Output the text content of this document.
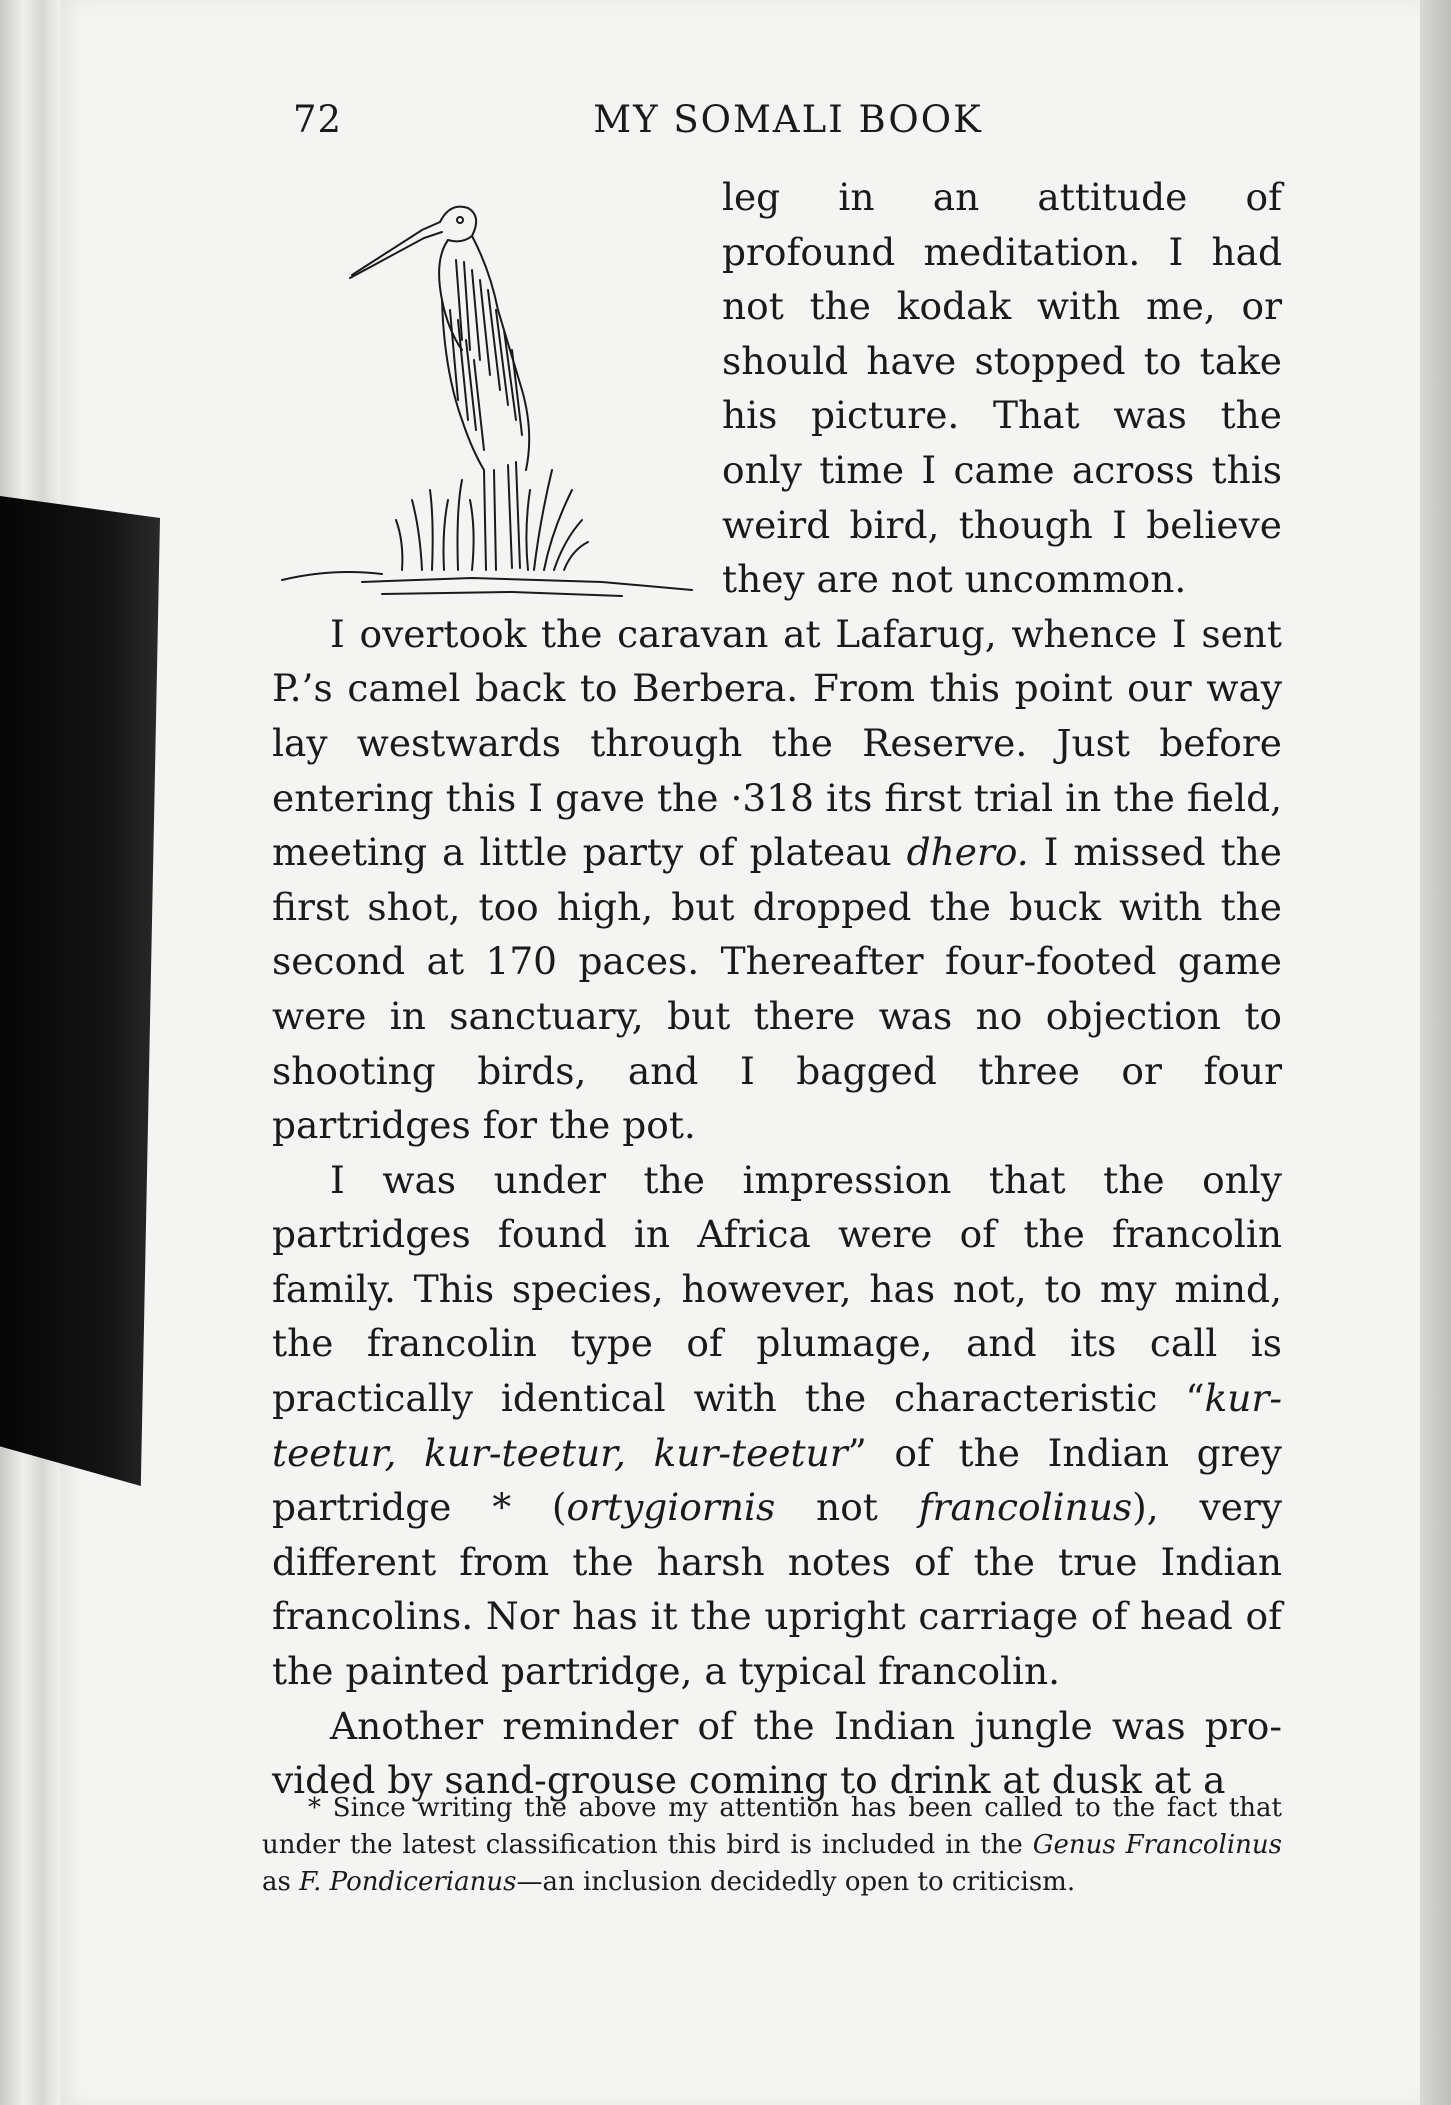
72	MY SOMALI BOOK

leg in an attitude of profound meditation. I had not the kodak with me, or should have stopped to take his picture. That was the only time I came across this weird bird, though I believe they are not uncommon.

I overtook the caravan at Lafarug, whence I sent P.’s camel back to Berbera. From this point our way lay westwards through the Reserve. Just before entering this I gave the ·318 its first trial in the field, meeting a little party of plateau dhero. I missed the first shot, too high, but dropped the buck with the second at 170 paces. Thereafter four-footed game were in sanctuary, but there was no objection to shooting birds, and I bagged three or four partridges for the pot.

I was under the impression that the only partridges found in Africa were of the francolin family. This species, however, has not, to my mind, the francolin type of plumage, and its call is practically identical with the characteristic “kur-teetur, kur-teetur, kur-teetur” of the Indian grey partridge * (ortygiornis not francolinus), very different from the harsh notes of the true Indian francolins. Nor has it the upright carriage of head of the painted partridge, a typical francolin.

Another reminder of the Indian jungle was provided by sand-grouse coming to drink at dusk at a

* Since writing the above my attention has been called to the fact that under the latest classification this bird is included in the Genus Francolinus as F. Pondicerianus—an inclusion decidedly open to criticism.
